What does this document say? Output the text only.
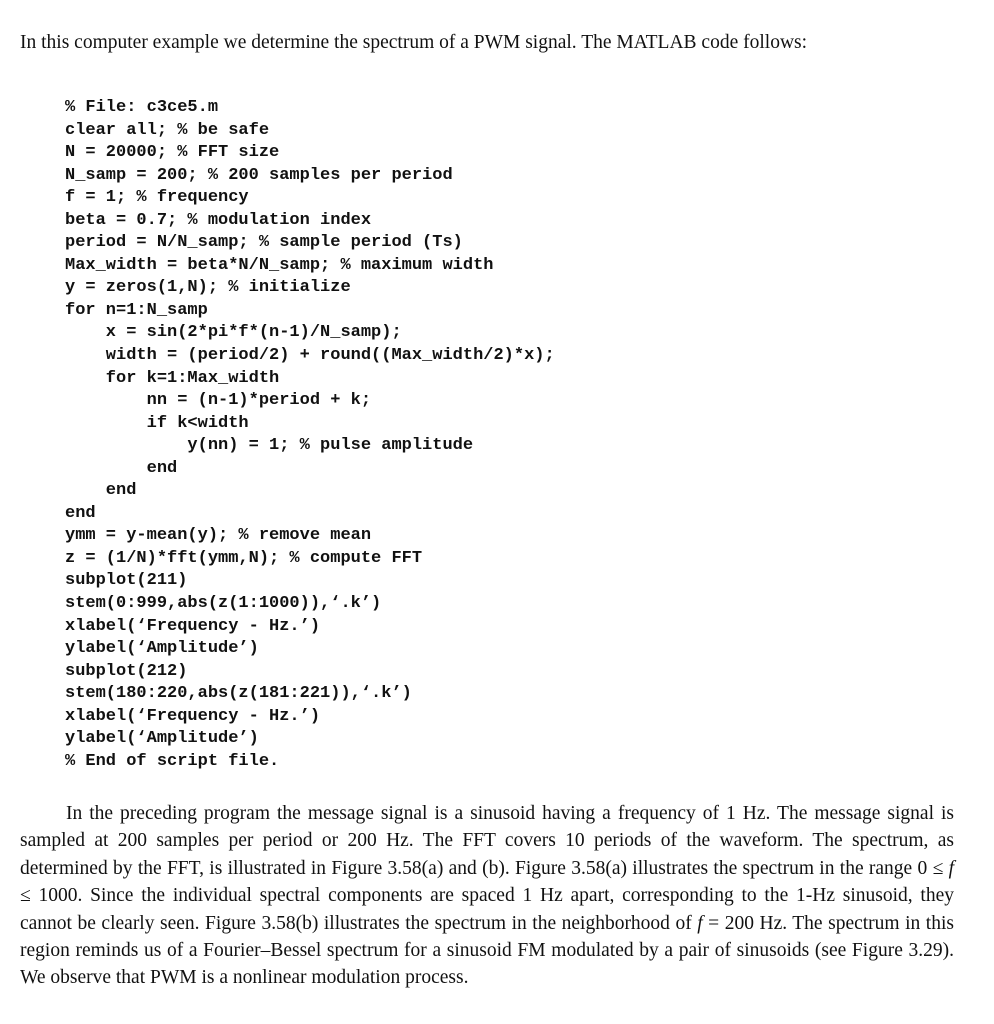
In this computer example we determine the spectrum of a PWM signal. The MATLAB code follows:

% File: c3ce5.m
clear all; % be safe
N = 20000; % FFT size
N_samp = 200; % 200 samples per period
f = 1; % frequency
beta = 0.7; % modulation index
period = N/N_samp; % sample period (Ts)
Max_width = beta*N/N_samp; % maximum width
y = zeros(1,N); % initialize
for n=1:N_samp
x = sin(2*pi*f*(n-1)/N_samp);
width = (period/2) + round((Max_width/2)*x);
for k=1:Max_width
nn = (n-1)*period + k;
if k<width
y(nn) = 1; % pulse amplitude
end
end
end
ymm = y-mean(y); % remove mean
z = (1/N)*fft(ymm,N); % compute FFT
subplot(211)
stem(0:999,abs(z(1:1000)),‘.k’)
xlabel(‘Frequency - Hz.’)
ylabel(‘Amplitude’)
subplot(212)
stem(180:220,abs(z(181:221)),‘.k’)
xlabel(‘Frequency - Hz.’)
ylabel(‘Amplitude’)
% End of script file.

In the preceding program the message signal is a sinusoid having a frequency of 1 Hz. The message signal is sampled at 200 samples per period or 200 Hz. The FFT covers 10 periods of the waveform. The spectrum, as determined by the FFT, is illustrated in Figure 3.58(a) and (b). Figure 3.58(a) illustrates the spectrum in the range 0 ≤ f ≤ 1000. Since the individual spectral components are spaced 1 Hz apart, corresponding to the 1-Hz sinusoid, they cannot be clearly seen. Figure 3.58(b) illustrates the spectrum in the neighborhood of f = 200 Hz. The spectrum in this region reminds us of a Fourier–Bessel spectrum for a sinusoid FM modulated by a pair of sinusoids (see Figure 3.29). We observe that PWM is a nonlinear modulation process.
